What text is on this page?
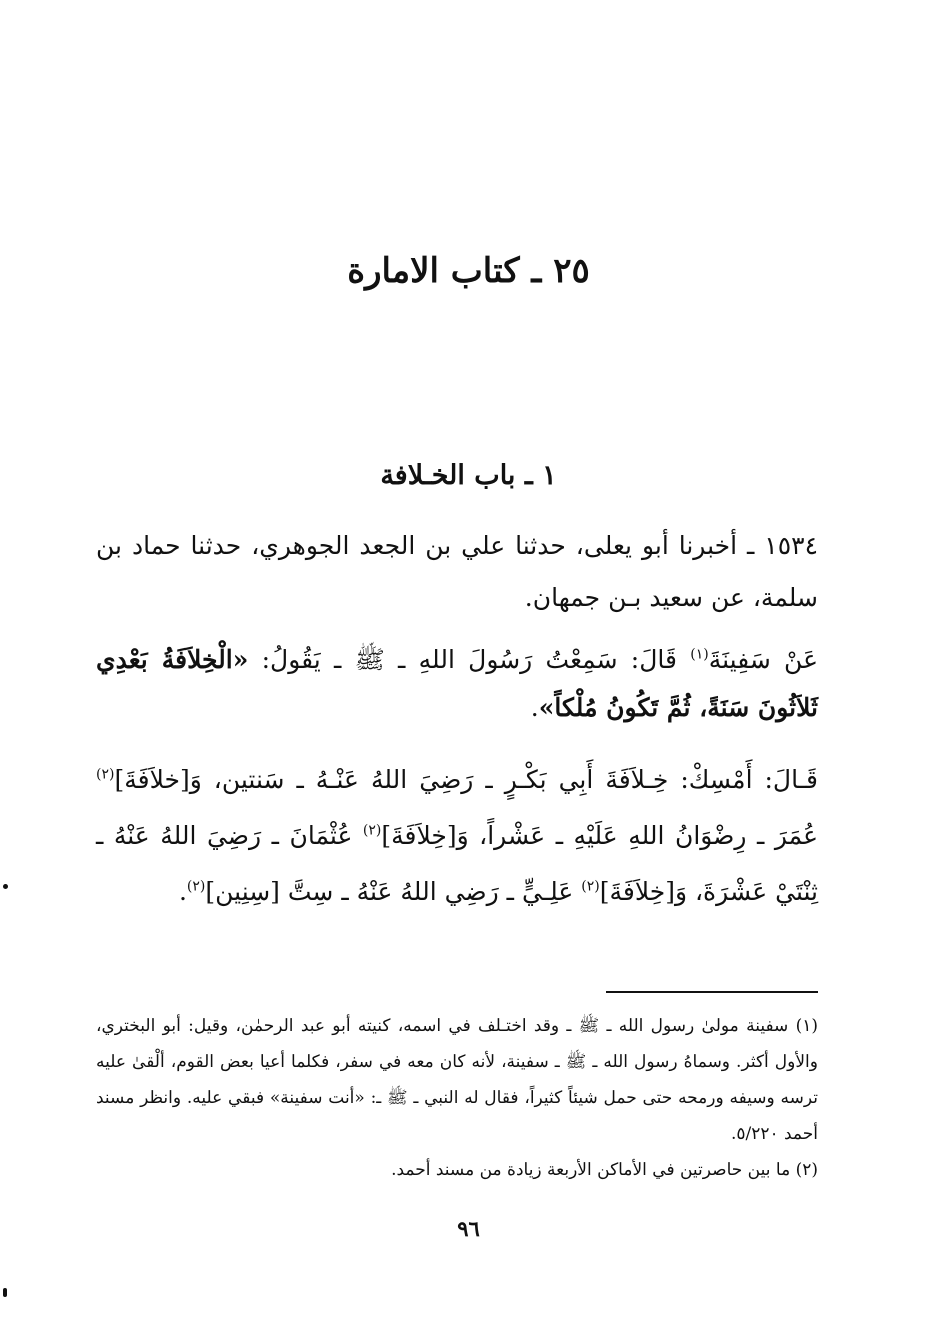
٢٥ ـ كتاب الامارة
١ ـ باب الخـلافة

١٥٣٤ ـ أخبرنا أبو يعلى، حدثنا علي بن الجعد الجوهري، حدثنا حماد بن سلمة، عن سعيد بـن جمهان.

عَنْ سَفِينَةَ$^{(١)}$ قَالَ: سَمِعْتُ رَسُولَ اللهِ ـ ﷺ ـ يَقُولُ: «الْخِلاَفَةُ بَعْدِي ثَلاَثُونَ سَنَةً، ثُمَّ تَكُونُ مُلْكاً».

قَـالَ: أَمْسِكْ: خِـلاَفَةَ أَبِي بَكْـرٍ ـ رَضِيَ اللهُ عَنْـهُ ـ سَنتين، وَ[خلاَفَةَ]$^{(٢)}$ عُمَرَ ـ رِضْوَانُ اللهِ عَلَيْهِ ـ عَشْراً، وَ[خِلاَفَةَ]$^{(٢)}$ عُثْمَانَ ـ رَضِيَ اللهُ عَنْهُ ـ ثِنْتَيْ عَشْرَةَ، وَ[خِلاَفَةَ]$^{(٢)}$ عَلِـيٍّ ـ رَضِي اللهُ عَنْهُ ـ سِتَّ [سِنِين]$^{(٢)}$.

(١) سفينة مولىٰ رسول الله ـ ﷺ ـ وقد اختـلف في اسمه، كنيته أبو عبد الرحمٰن، وقيل: أبو البختري، والأول أكثر. وسماهُ رسول الله ـ ﷺ ـ سفينة، لأنه كان معه في سفر، فكلما أعيا بعض القوم، ألْقىٰ عليه ترسه وسيفه ورمحه حتى حمل شيئاً كثيراً، فقال له النبي ـ ﷺ ـ: «أنت سفينة» فبقي عليه. وانظر مسند أحمد ٥/٢٢٠.

(٢) ما بين حاصرتين في الأماكن الأربعة زيادة من مسند أحمد.

٩٦
